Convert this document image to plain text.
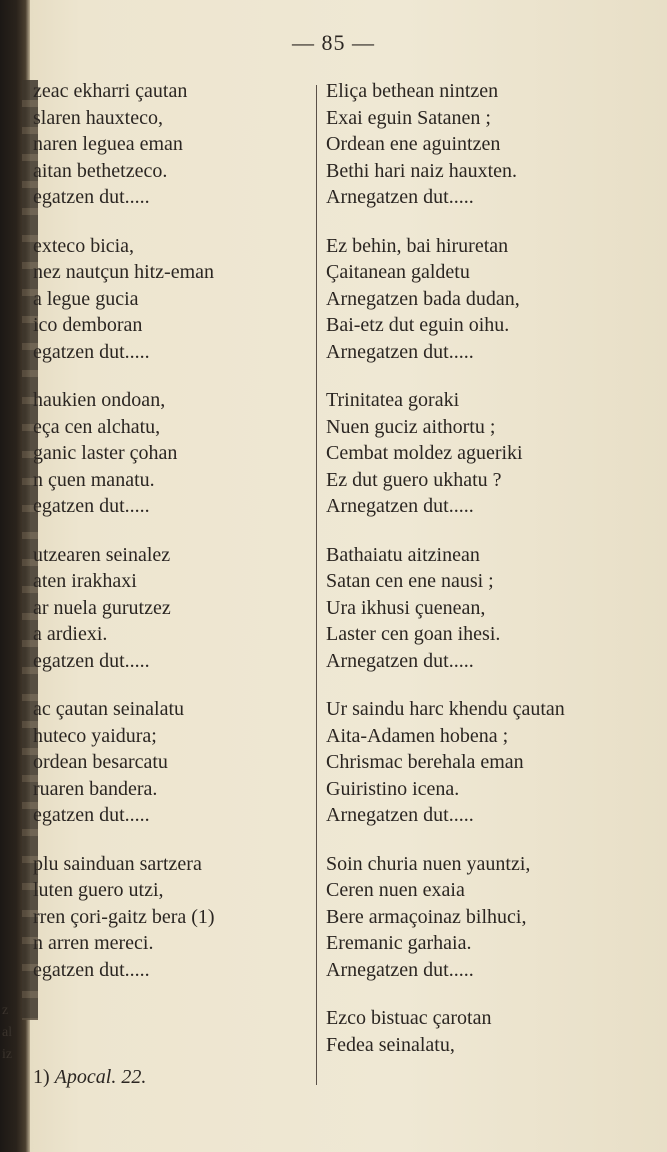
z
al
iz
— 85 —
zeac ekharri çautan
slaren hauxteco,
naren leguea eman
aitan bethetzeco.
egatzen dut.....
exteco bicia,
nez nautçun hitz-eman
a legue gucia
ico demboran
egatzen dut.....
haukien ondoan,
eça cen alchatu,
ganic laster çohan
n çuen manatu.
egatzen dut.....
utzearen seinalez
aten irakhaxi
ar nuela gurutzez
a ardiexi.
egatzen dut.....
ac çautan seinalatu
huteco yaidura;
ordean besarcatu
ruaren bandera.
egatzen dut.....
plu sainduan sartzera
luten guero utzi,
rren çori-gaitz bera (1)
n arren mereci.
egatzen dut.....
Eliça bethean nintzen
Exai eguin Satanen ;
Ordean ene aguintzen
Bethi hari naiz hauxten.
Arnegatzen dut.....
Ez behin, bai hiruretan
Çaitanean galdetu
Arnegatzen bada dudan,
Bai-etz dut eguin oihu.
Arnegatzen dut.....
Trinitatea goraki
Nuen guciz aithortu ;
Cembat moldez agueriki
Ez dut guero ukhatu ?
Arnegatzen dut.....
Bathaiatu aitzinean
Satan cen ene nausi ;
Ura ikhusi çuenean,
Laster cen goan ihesi.
Arnegatzen dut.....
Ur saindu harc khendu çautan
Aita-Adamen hobena ;
Chrismac berehala eman
Guiristino icena.
Arnegatzen dut.....
Soin churia nuen yauntzi,
Ceren nuen exaia
Bere armaçoinaz bilhuci,
Eremanic garhaia.
Arnegatzen dut.....
Ezco bistuac çarotan
Fedea seinalatu,
1) Apocal. 22.
